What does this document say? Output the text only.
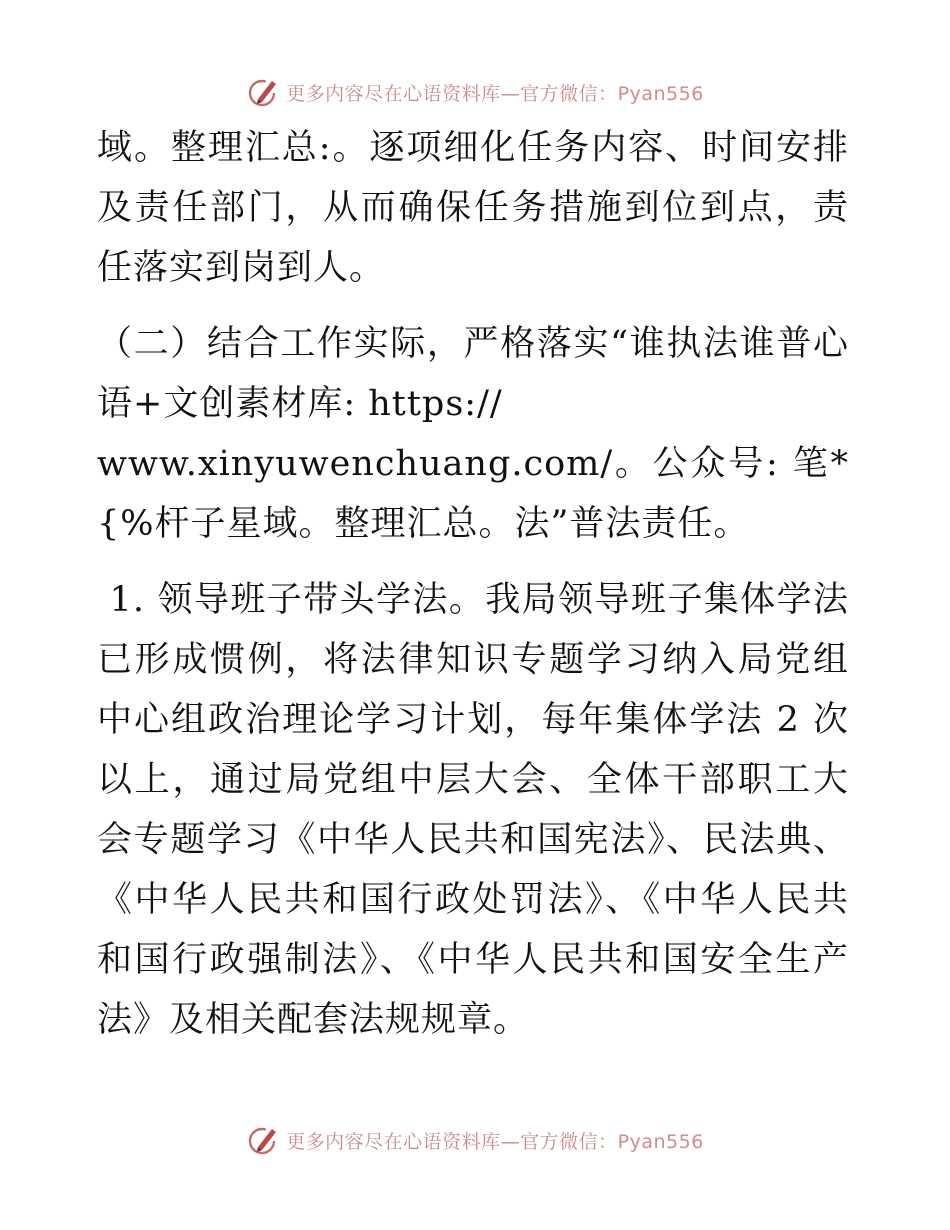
更多内容尽在心语资料库—官方微信：Pyan556

域。整理汇总:。逐项细化任务内容、时间安排及责任部门，从而确保任务措施到位到点，责任落实到岗到人。

（二）结合工作实际，严格落实“谁执法谁普心语+文创素材库: https://
www.xinyuwenchuang.com/。公众号: 笔*{%杆子星域。整理汇总。法”普法责任。

1. 领导班子带头学法。我局领导班子集体学法已形成惯例，将法律知识专题学习纳入局党组中心组政治理论学习计划，每年集体学法 2 次以上，通过局党组中层大会、全体干部职工大会专题学习《中华人民共和国宪法》、民法典、《中华人民共和国行政处罚法》、《中华人民共和国行政强制法》、《中华人民共和国安全生产法》及相关配套法规规章。

更多内容尽在心语资料库—官方微信：Pyan556
